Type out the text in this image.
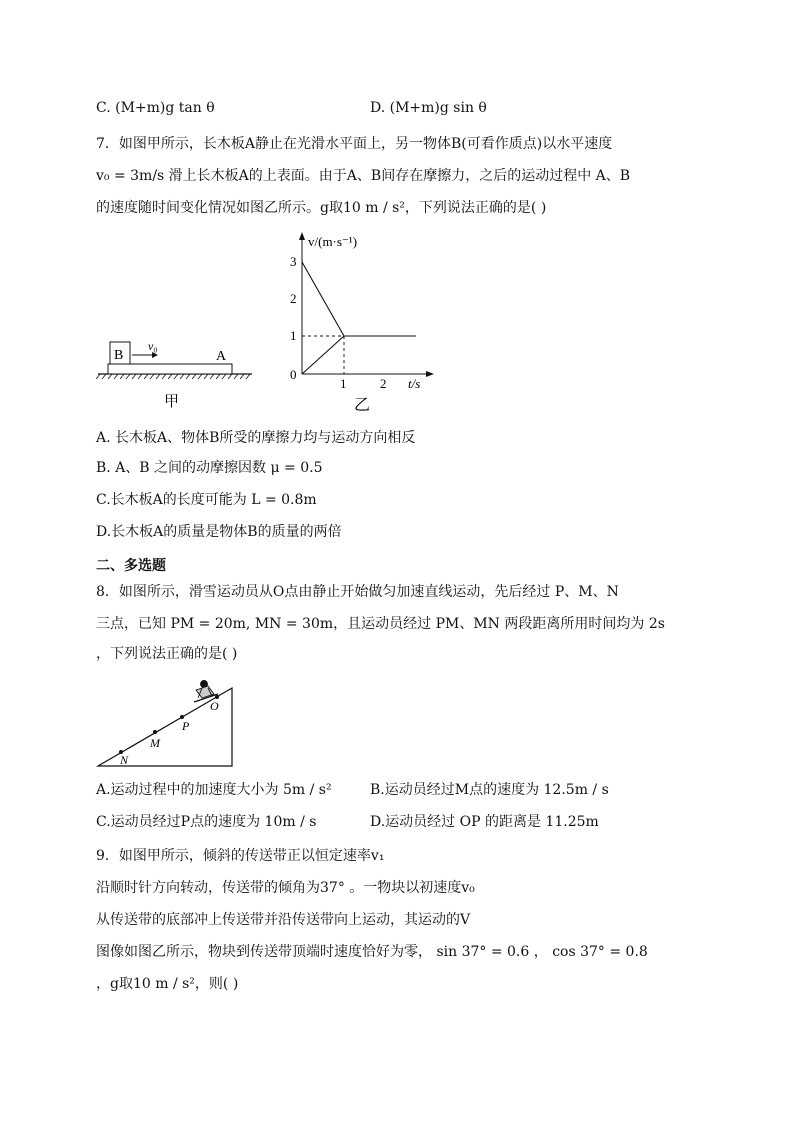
C. (M+m)g tan θ	D. (M+m)g sin θ
7．如图甲所示，长木板A静止在光滑水平面上，另一物体B(可看作质点)以水平速度
v₀ = 3m/s 滑上长木板A的上表面。由于A、B间存在摩擦力，之后的运动过程中 A、B
的速度随时间变化情况如图乙所示。g取10 m / s²，下列说法正确的是( )
B
v₀
A
甲
v/(m·s⁻¹)
t/s
3
2
1
0
1	2
乙
A. 长木板A、物体B所受的摩擦力均与运动方向相反
B. A、B 之间的动摩擦因数 μ = 0.5
C.长木板A的长度可能为 L = 0.8m
D.长木板A的质量是物体B的质量的两倍
二、多选题
8．如图所示，滑雪运动员从O点由静止开始做匀加速直线运动，先后经过 P、M、N
三点，已知 PM = 20m, MN = 30m，且运动员经过 PM、MN 两段距离所用时间均为 2s
，下列说法正确的是( )
O
P
M
N
A.运动过程中的加速度大小为 5m / s²	B.运动员经过M点的速度为 12.5m / s
C.运动员经过P点的速度为 10m / s	D.运动员经过 OP 的距离是 11.25m
9．如图甲所示，倾斜的传送带正以恒定速率v₁
沿顺时针方向转动，传送带的倾角为37° 。一物块以初速度v₀
从传送带的底部冲上传送带并沿传送带向上运动，其运动的V
图像如图乙所示，物块到传送带顶端时速度恰好为零， sin 37° = 0.6 ， cos 37° = 0.8
，g取10 m / s²，则( )
